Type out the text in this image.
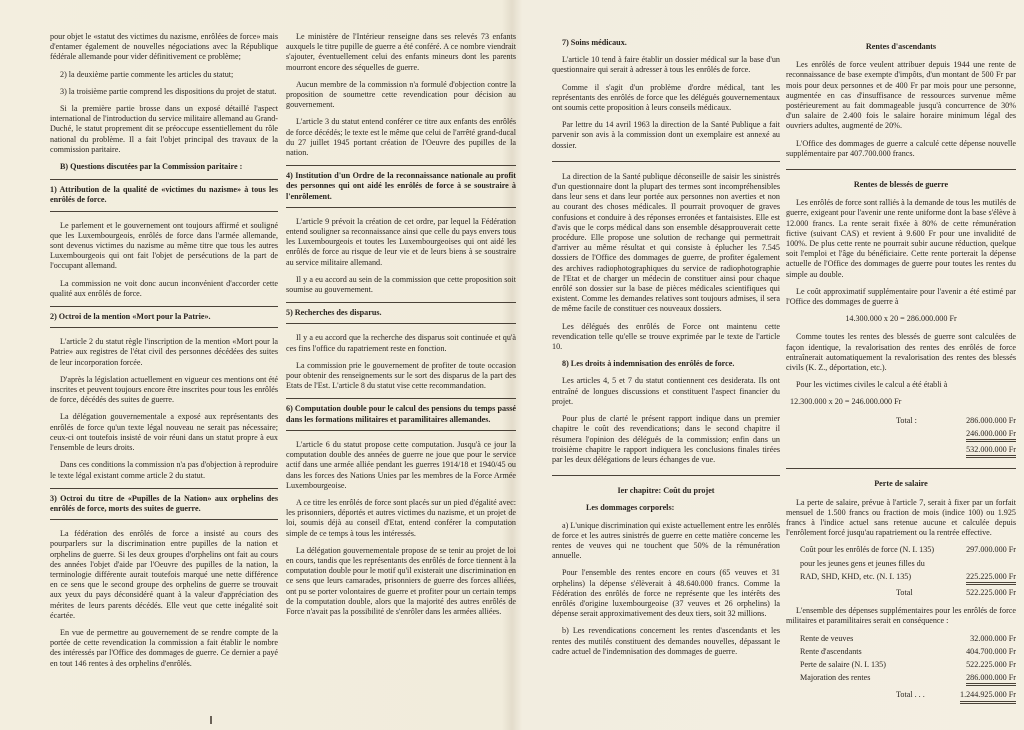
pour objet le «statut des victimes du nazisme, enrôlées de force» mais d'entamer également de nouvelles négociations avec la République fédérale allemande pour vider définitivement ce problème;

2) la deuxième partie commente les articles du statut;

3) la troisième partie comprend les dispositions du projet de statut.

Si la première partie brosse dans un exposé détaillé l'aspect international de l'introduction du service militaire allemand au Grand-Duché, le statut proprement dit se préoccupe essentiellement du rôle national du problème. Il a fait l'objet principal des travaux de la commission paritaire.

B) Questions discutées par la Commission paritaire :

1) Attribution de la qualité de «victimes du nazisme» à tous les enrôlés de force.

Le parlement et le gouvernement ont toujours affirmé et souligné que les Luxembourgeois, enrôlés de force dans l'armée allemande, sont devenus victimes du nazisme au même titre que tous les autres Luxembourgeois qui ont fait l'objet de persécutions de la part de l'occupant allemand.

La commission ne voit donc aucun inconvénient d'accorder cette qualité aux enrôlés de force.

2) Octroi de la mention «Mort pour la Patrie».

L'article 2 du statut règle l'inscription de la mention «Mort pour la Patrie» aux registres de l'état civil des personnes décédées des suites de leur incorporation forcée.

D'après la législation actuellement en vigueur ces mentions ont été inscrites et peuvent toujours encore être inscrites pour tous les enrôlés de force, décédés des suites de guerre.

La délégation gouvernementale a exposé aux représentants des enrôlés de force qu'un texte légal nouveau ne serait pas nécessaire; ceux-ci ont toutefois insisté de voir réuni dans un statut propre à eux l'ensemble de leurs droits.

Dans ces conditions la commission n'a pas d'objection à reproduire le texte légal existant comme article 2 du statut.

3) Octroi du titre de «Pupilles de la Nation» aux orphelins des enrôlés de force, morts des suites de guerre.

La fédération des enrôlés de force a insisté au cours des pourparlers sur la discrimination entre pupilles de la nation et orphelins de guerre. Si les deux groupes d'orphelins ont fait au cours des années l'objet d'aide par l'Oeuvre des pupilles de la nation, la terminologie différente aurait toutefois marqué une nette différence en ce sens que le second groupe des orphelins de guerre se trouvait aux yeux du pays déconsidéré quant à la valeur d'appréciation des mérites de leurs parents décédés. Elle veut que cette inégalité soit écartée.

En vue de permettre au gouvernement de se rendre compte de la portée de cette revendication la commission a fait établir le nombre des intéressés par l'Office des dommages de guerre. Ce dernier a payé en tout 146 rentes à des orphelins d'enrôlés.

Le ministère de l'Intérieur renseigne dans ses relevés 73 enfants auxquels le titre pupille de guerre a été conféré. A ce nombre viendrait s'ajouter, éventuellement celui des enfants mineurs dont les parents mourront encore des séquelles de guerre.

Aucun membre de la commission n'a formulé d'objection contre la proposition de soumettre cette revendication pour décision au gouvernement.

L'article 3 du statut entend conférer ce titre aux enfants des enrôlés de force décédés; le texte est le même que celui de l'arrêté grand-ducal du 27 juillet 1945 portant création de l'Oeuvre des pupilles de la nation.

4) Institution d'un Ordre de la reconnaissance nationale au profit des personnes qui ont aidé les enrôlés de force à se soustraire à l'enrôlement.

L'article 9 prévoit la création de cet ordre, par lequel la Fédération entend souligner sa reconnaissance ainsi que celle du pays envers tous les Luxembourgeois et toutes les Luxembourgeoises qui ont aidé les enrôlés de force au risque de leur vie et de leurs biens à se soustraire au service militaire allemand.

Il y a eu accord au sein de la commission que cette proposition soit soumise au gouvernement.

5) Recherches des disparus.

Il y a eu accord que la recherche des disparus soit continuée et qu'à ces fins l'office du rapatriement reste en fonction.

La commission prie le gouvernement de profiter de toute occasion pour obtenir des renseignements sur le sort des disparus de la part des Etats de l'Est. L'article 8 du statut vise cette recommandation.

6) Computation double pour le calcul des pensions du temps passé dans les formations militaires et paramilitaires allemandes.

L'article 6 du statut propose cette computation. Jusqu'à ce jour la computation double des années de guerre ne joue que pour le service actif dans une armée alliée pendant les guerres 1914/18 et 1940/45 ou dans les forces des Nations Unies par les membres de la Force Armée Luxembourgeoise.

A ce titre les enrôlés de force sont placés sur un pied d'égalité avec: les prisonniers, déportés et autres victimes du nazisme, et un projet de loi, soumis déjà au conseil d'Etat, entend conférer la computation simple de ce temps à tous les intéressés.

La délégation gouvernementale propose de se tenir au projet de loi en cours, tandis que les représentants des enrôlés de force tiennent à la computation double pour le motif qu'il existerait une discrimination en ce sens que leurs camarades, prisonniers de guerre des forces alliées, ont pu se porter volontaires de guerre et profiter pour un certain temps de la computation double, alors que la majorité des autres enrôlés de Force n'avait pas la possibilité de s'enrôler dans les armées alliées.

7) Soins médicaux.

L'article 10 tend à faire établir un dossier médical sur la base d'un questionnaire qui serait à adresser à tous les enrôlés de force.

Comme il s'agit d'un problème d'ordre médical, tant les représentants des enrôlés de force que les délégués gouvernementaux ont soumis cette proposition à leurs conseils médicaux.

Par lettre du 14 avril 1963 la direction de la Santé Publique a fait parvenir son avis à la commission dont un exemplaire est annexé au dossier.

La direction de la Santé publique déconseille de saisir les sinistrés d'un questionnaire dont la plupart des termes sont incompréhensibles dans leur sens et dans leur portée aux personnes non averties et non au courant des choses médicales. Il pourrait provoquer de graves confusions et conduire à des réponses erronées et fantaisistes. Elle est d'avis que le corps médical dans son ensemble désapprouverait cette procédure. Elle propose une solution de rechange qui permettrait d'arriver au même résultat et qui consiste à éplucher les 7.545 dossiers de l'Office des dommages de guerre, de profiter également des archives radiophotographiques du service de radiophotographie de l'Etat et de charger un médecin de constituer ainsi pour chaque enrôlé son dossier sur la base de pièces médicales scientifiques qui existent. Comme les demandes relatives sont toujours admises, il sera de même facile de constituer ces nouveaux dossiers.

Les délégués des enrôlés de Force ont maintenu cette revendication telle qu'elle se trouve exprimée par le texte de l'article 10.

8) Les droits à indemnisation des enrôlés de force.

Les articles 4, 5 et 7 du statut contiennent ces desiderata. Ils ont entraîné de longues discussions et constituent l'aspect financier du projet.

Pour plus de clarté le présent rapport indique dans un premier chapitre le coût des revendications; dans le second chapitre il résumera l'opinion des délégués de la commission; enfin dans un troisième chapitre le rapport indiquera les conclusions finales tirées par les deux délégations de leurs échanges de vue.

Ier chapitre: Coût du projet

Les dommages corporels:

a) L'unique discrimination qui existe actuellement entre les enrôlés de force et les autres sinistrés de guerre en cette matière concerne les rentes de veuves qui ne touchent que 50% de la rémunération annuelle.

Pour l'ensemble des rentes encore en cours (65 veuves et 31 orphelins) la dépense s'élèverait à 48.640.000 francs. Comme la Fédération des enrôlés de force ne représente que les intérêts des enrôlés d'origine luxembourgeoise (37 veuves et 26 orphelins) la dépense serait approximativement des deux tiers, soit 32 millions.

b) Les revendications concernent les rentes d'ascendants et les rentes des mutilés constituent des demandes nouvelles, dépassant le cadre actuel de l'indemnisation des dommages de guerre.

Rentes d'ascendants

Les enrôlés de force veulent attribuer depuis 1944 une rente de reconnaissance de base exempte d'impôts, d'un montant de 500 Fr par mois pour deux personnes et de 400 Fr par mois pour une personne, augmentée en cas d'insuffisance de ressources survenue même postérieurement au fait dommageable jusqu'à concurrence de 30% d'un salaire de 2.400 fois le salaire horaire minimum légal des ouvriers adultes, augmenté de 20%.

L'Office des dommages de guerre a calculé cette dépense nouvelle supplémentaire par 407.700.000 francs.

Rentes de blessés de guerre

Les enrôlés de force sont ralliés à la demande de tous les mutilés de guerre, exigeant pour l'avenir une rente uniforme dont la base s'élève à 12.000 francs. La rente serait fixée à 80% de cette rémunération fictive (suivant CAS) et revient à 9.600 Fr pour une invalidité de 100%. De plus cette rente ne pourrait subir aucune réduction, quelque soit l'emploi et l'âge du bénéficiaire. Cette rente porterait la dépense actuelle de l'Office des dommages de guerre pour toutes les rentes du simple au double.

Le coût approximatif supplémentaire pour l'avenir a été estimé par l'Office des dommages de guerre à

14.300.000 x 20 = 286.000.000 Fr

Comme toutes les rentes des blessés de guerre sont calculées de façon identique, la revalorisation des rentes des enrôlés de force entraînerait automatiquement la revalorisation des rentes des blessés civils (K. Z., déportation, etc.).

Pour les victimes civiles le calcul a été établi à

12.300.000 x 20 = 246.000.000 Fr
Total :	286.000.000 Fr
246.000.000 Fr
532.000.000 Fr

Perte de salaire

La perte de salaire, prévue à l'article 7, serait à fixer par un forfait mensuel de 1.500 francs ou fraction de mois (indice 100) ou 1.925 francs à l'indice actuel sans retenue aucune et calculée depuis l'enrôlement forcé jusqu'au rapatriement ou la rentrée effective.

Coût pour les enrôlés de force (N. I. 135)	297.000.000 Fr
pour les jeunes gens et jeunes filles du
RAD, SHD, KHD, etc. (N. I. 135)	225.225.000 Fr
Total	522.225.000 Fr

L'ensemble des dépenses supplémentaires pour les enrôlés de force militaires et paramilitaires serait en conséquence :

Rente de veuves	32.000.000 Fr
Rente d'ascendants	404.700.000 Fr
Perte de salaire (N. I. 135)	522.225.000 Fr
Majoration des rentes	286.000.000 Fr
Total . . .	1.244.925.000 Fr
